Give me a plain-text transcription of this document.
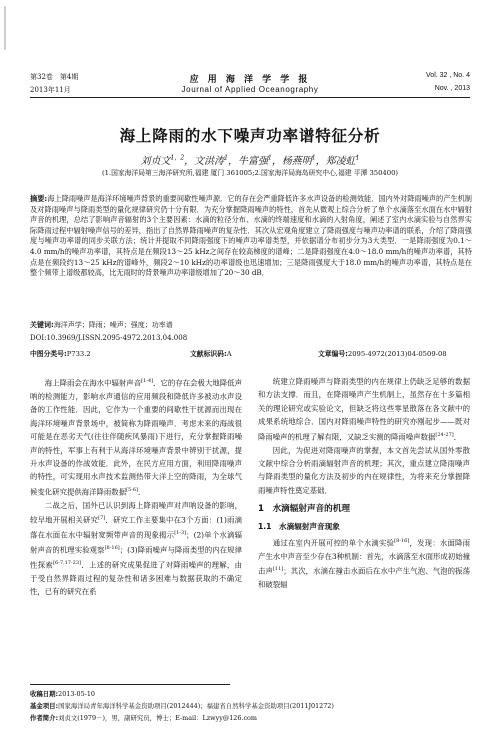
第32卷　第4期
2013年11月
应 用 海 洋 学 学 报
Journal of Applied Oceanography
Vol. 32 , No. 4
Nov. , 2013
海上降雨的水下噪声功率谱特征分析
刘贞文$^{1,2}$，文洪涛$^1$，牛富强$^1$，杨燕明$^1$，郑凌虹$^1$
(1.国家海洋局第三海洋研究所,福建 厦门 361005;2.国家海洋局海岛研究中心,福建 平潭 350400)
摘要:海上降雨噪声是海洋环境噪声背景的重要间歇性噪声源．它的存在会严重降低许多水声设备的检测效能．国内外对降雨噪声的产生机制及对降雨噪声与降雨类型的量化规律研究仍十分有限．为充分掌握降雨噪声的特性，首先从微观上综合分析了单个水滴落至水面在水中辐射声音的机理，总结了影响声音辐射的3个主要因素：水滴的粒径分布、水滴的终端速度和水滴的入射角度，阐述了室内水滴实验与自然界实际降雨过程中辐射噪声信号的差异，指出了自然界降雨噪声的复杂性．其次从宏观角度建立了降雨强度与噪声功率谱的联系，介绍了降雨强度与噪声功率谱的同步关联方法；统计并提取不同降雨强度下的噪声功率谱类型，并依据谱分布初步分为3大类型．一是降雨强度为0.1～4.0 mm/h的噪声功率谱，其特点是在频段13～25 kHz之间存在较高梯度的谱峰；二是降雨强度在4.0～18.0 mm/h的噪声功率谱，其特点是在频段约13～25 kHz的谱峰外，频段2～10 kHz的功率谱级也迅速增加；三是降雨强度大于18.0 mm/h的噪声功率谱，其特点是在整个频带上谱级都较高，比无雨时的背景噪声功率谱级增加了20～30 dB．
关键词:海洋声学；降雨；噪声；强度；功率谱
DOI:10.3969/J.ISSN.2095-4972.2013.04.008
中图分类号:P733.2	文献标识码:A	文章编号:2095-4972(2013)04-0509-08

海上降雨会在海水中辐射声音[1-4]．它的存在会极大地降低声呐的检测能力，影响水声通信的应用频段和降低许多被动水声设备的工作性能．因此，它作为一个重要的间歇性干扰源而出现在海洋环境噪声背景场中，被简称为降雨噪声．考虑未来的海战很可能是在恶劣天气(往往伴随疾风暴雨)下进行，充分掌握降雨噪声的特性，军事上有利于从海洋环境噪声背景中辨别干扰源，提升水声设备的作战效能．此外，在民方应用方面，利用降雨噪声的特性，可实现用水声技术监测热带大洋上空的降雨，为全球气候变化研究提供海洋降雨数据[5-6]．

二战之后，国外已认识到海上降雨噪声对声呐设备的影响，较早地开展相关研究[7]．研究工作主要集中在3个方面：(1)雨滴落在水面在水中辐射宽频带声音的现象揭示[1-3]；(2)单个水滴辐射声音的机理实验观察[8-16]；(3)降雨噪声与降雨类型的内在规律性探索[6-7,17-23]．上述的研究成果促进了对降雨噪声的理解，由于受自然界降雨过程的复杂性和诸多困难与数据获取的不确定性，已有的研究在系

统建立降雨噪声与降雨类型的内在规律上仍缺乏足够的数据和方法支撑．而且，在降雨噪声产生机制上，虽然存在十多篇相关的理论研究或实验论文，但缺乏将这些零星散落在各文献中的成果系统地综合．国内对降雨噪声特性的研究亦刚起步——既对降雨噪声的机理了解有限，又缺乏实测的降雨噪声数据[24-27]．

因此，为促进对降雨噪声的掌握，本文首先尝试从国外零散文献中综合分析雨滴辐射声音的机理；其次，重点建立降雨噪声与降雨类型的量化方法及初步的内在规律性，为将来充分掌握降雨噪声特性奠定基础．

1　水滴辐射声音的机理

1.1　水滴辐射声音现象

通过在室内开展可控的单个水滴实验[8-16]，发现：水面降雨产生水中声音至少存在3种机制：首先，水滴落至水面形成初始撞击声[11]；其次，水滴在撞击水面后在水中产生气泡、气泡的振荡和破裂辐

收稿日期:2013-05-10
基金项目:国家海洋局青年海洋科学基金资助项目(2012444)；福建省自然科学基金资助项目(2011J01272)
作者简介:刘贞文(1979－)，男，副研究员，博士；E-mail：Lzwyy@126.com
